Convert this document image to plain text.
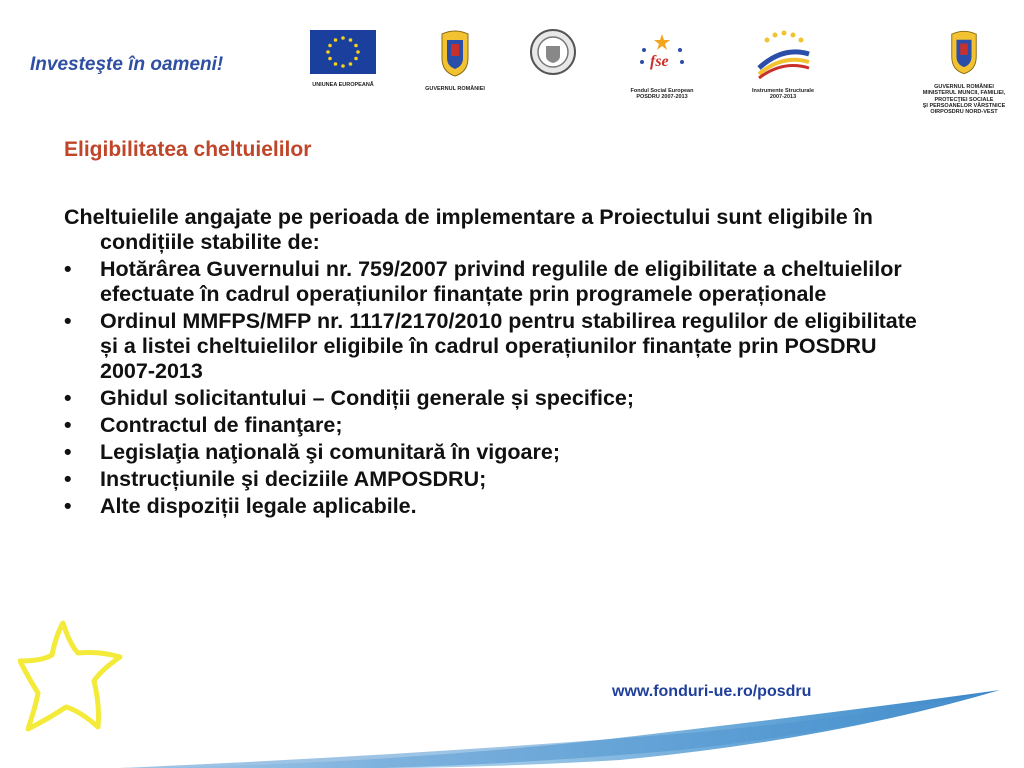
Investeşte în oameni!
UNIUNEA EUROPEANĂ
GUVERNUL ROMÂNIEI
fse
Fondul Social European
POSDRU 2007-2013
Instrumente Structurale
2007-2013
GUVERNUL ROMÂNIEI
MINISTERUL MUNCII, FAMILIEI,
PROTECŢIEI SOCIALE
ŞI PERSOANELOR VÂRSTNICE
OIRPOSDRU NORD-VEST
Eligibilitatea cheltuielilor
Cheltuielile angajate pe perioada de implementare a Proiectului sunt eligibile în condițiile stabilite de:
• Hotărârea Guvernului nr. 759/2007 privind regulile de eligibilitate a cheltuielilor efectuate în cadrul operațiunilor finanțate prin programele operaționale
• Ordinul MMFPS/MFP nr. 1117/2170/2010 pentru stabilirea regulilor de eligibilitate și a listei cheltuielilor eligibile în cadrul operațiunilor finanțate prin POSDRU 2007-2013
• Ghidul solicitantului – Condiții generale și specifice;
• Contractul de finanţare;
• Legislaţia naţională şi comunitară în vigoare;
• Instrucțiunile şi deciziile AMPOSDRU;
• Alte dispoziții legale aplicabile.
www.fonduri-ue.ro/posdru
